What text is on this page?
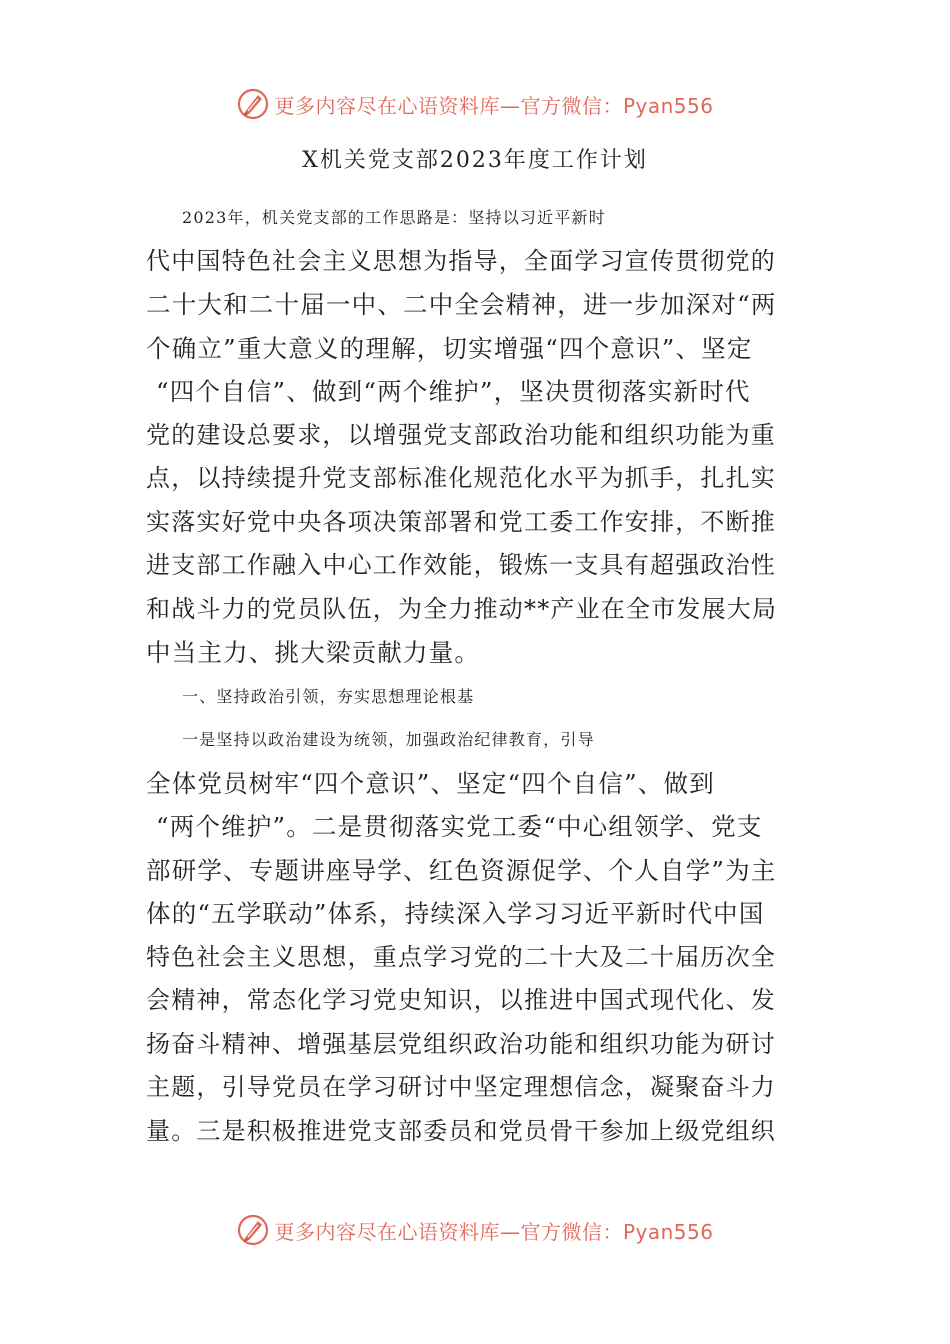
更多内容尽在心语资料库—官方微信：Pyan556
X机关党支部2023年度工作计划
2023年，机关党支部的工作思路是：坚持以习近平新时
代中国特色社会主义思想为指导，全面学习宣传贯彻党的
二十大和二十届一中、二中全会精神，进一步加深对“两
个确立”重大意义的理解，切实增强“四个意识”、坚定
“四个自信”、做到“两个维护”，坚决贯彻落实新时代
党的建设总要求，以增强党支部政治功能和组织功能为重
点，以持续提升党支部标准化规范化水平为抓手，扎扎实
实落实好党中央各项决策部署和党工委工作安排，不断推
进支部工作融入中心工作效能，锻炼一支具有超强政治性
和战斗力的党员队伍，为全力推动**产业在全市发展大局
中当主力、挑大梁贡献力量。
一、坚持政治引领，夯实思想理论根基
一是坚持以政治建设为统领，加强政治纪律教育，引导
全体党员树牢“四个意识”、坚定“四个自信”、做到
“两个维护”。二是贯彻落实党工委“中心组领学、党支
部研学、专题讲座导学、红色资源促学、个人自学”为主
体的“五学联动”体系，持续深入学习习近平新时代中国
特色社会主义思想，重点学习党的二十大及二十届历次全
会精神，常态化学习党史知识，以推进中国式现代化、发
扬奋斗精神、增强基层党组织政治功能和组织功能为研讨
主题，引导党员在学习研讨中坚定理想信念，凝聚奋斗力
量。三是积极推进党支部委员和党员骨干参加上级党组织
更多内容尽在心语资料库—官方微信：Pyan556
